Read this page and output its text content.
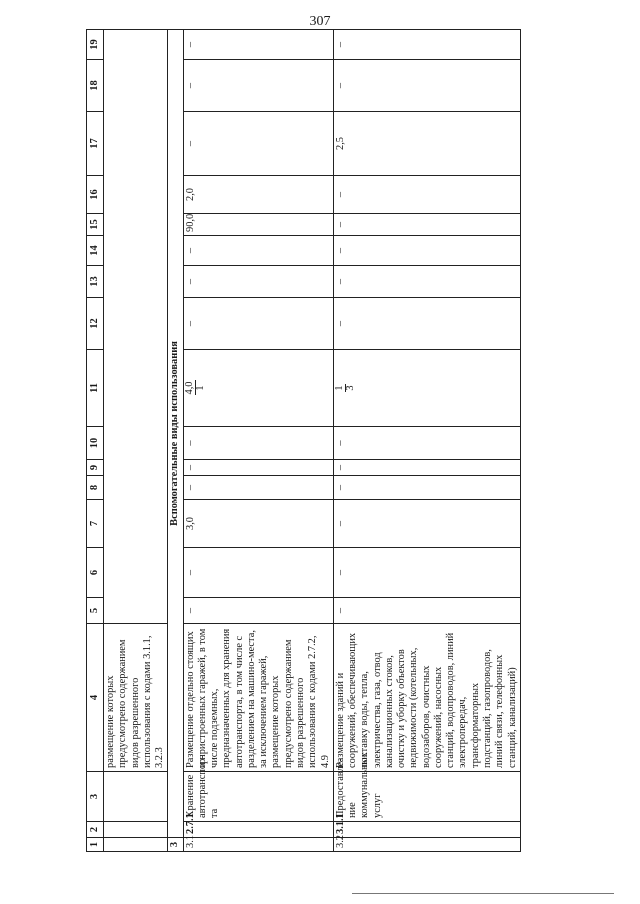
307
1	2	3	4	5	6	7	8	9	10	11	12	13	14	15	16	17	18	19
			размещение которых предусмотрено содержанием видов разрешенного использования с кодами 3.1.1, 3.2.3															
3	Вспомогательные виды использования																	
3.1	2.7.1	Хранение автотранспор-та	Размещение отдельно стоящих и пристроенных гаражей, в том числе подземных, предназначенных для хранения автотранспорта, в том числе с разделением на машино-места, за исключением гаражей, размещение которых предусмотрено содержанием видов разрешенного использования с кодами 2.7.2, 4.9	–	–	3,0	–	–	–	4,0 1	–	–	–	90,0	2,0	–	–	–
3.2	3.1.1	Предоставле-ние коммунальных услуг	Размещение зданий и сооружений, обеспечивающих поставку воды, тепла, электричества, газа, отвод канализационных стоков, очистку и уборку объектов недвижимости (котельных, водозаборов, очистных сооружений, насосных станций, водопроводов, линий электропередач, трансформаторных подстанций, газопроводов, линий связи, телефонных станций, канализаций)	–	–	–	–	–	–	1 3	–	–	–	–	–	2,5	–	–
